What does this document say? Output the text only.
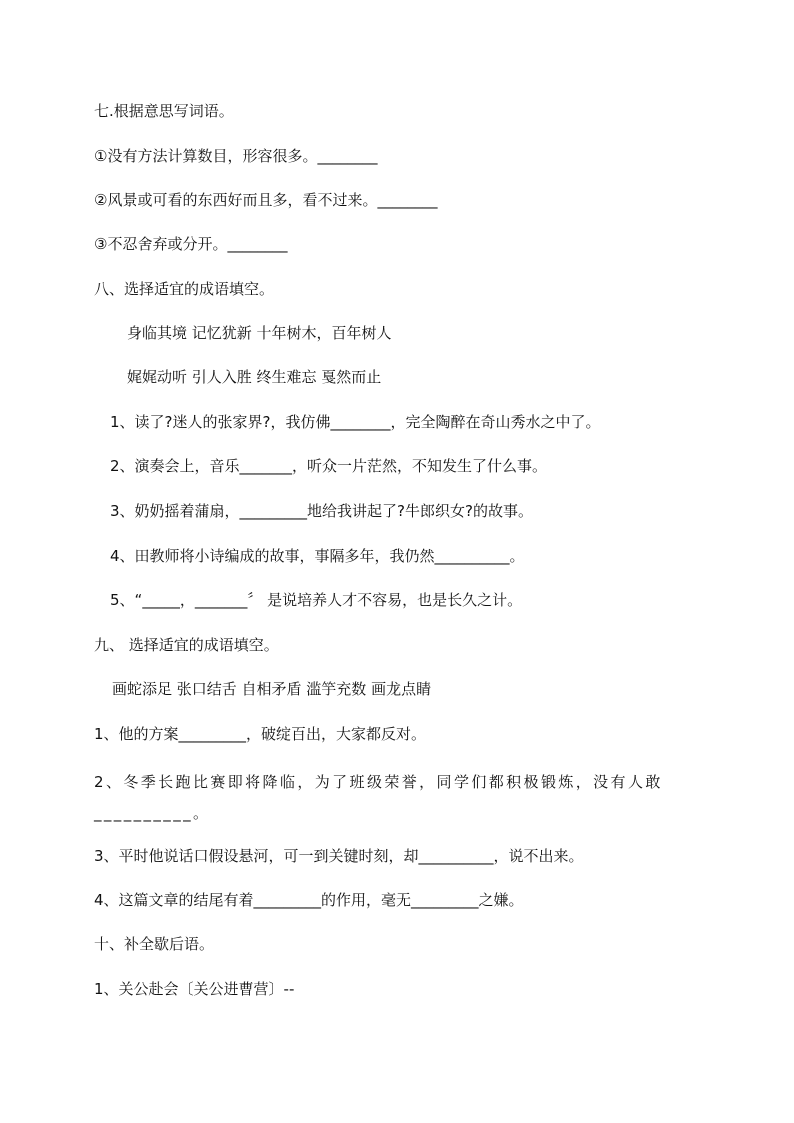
七.根据意思写词语。
①没有方法计算数目，形容很多。________
②风景或可看的东西好而且多，看不过来。________
③不忍舍弃或分开。________
八、选择适宜的成语填空。
身临其境 记忆犹新 十年树木，百年树人
娓娓动听 引人入胜 终生难忘 戛然而止
1、读了?迷人的张家界?，我仿佛________，完全陶醉在奇山秀水之中了。
2、演奏会上，音乐_______，听众一片茫然，不知发生了什么事。
3、奶奶摇着蒲扇，_________地给我讲起了?牛郎织女?的故事。
4、田教师将小诗编成的故事，事隔多年，我仍然__________。
5、“_____，_______〞 是说培养人才不容易，也是长久之计。
九、 选择适宜的成语填空。
画蛇添足 张口结舌 自相矛盾 滥竽充数 画龙点睛
1、他的方案_________，破绽百出，大家都反对。
2、冬季长跑比赛即将降临，为了班级荣誉，同学们都积极锻炼，没有人敢__________。
3、平时他说话口假设悬河，可一到关键时刻，却__________，说不出来。
4、这篇文章的结尾有着_________的作用，毫无_________之嫌。
十、补全歇后语。
1、关公赴会〔关公进曹营〕--
